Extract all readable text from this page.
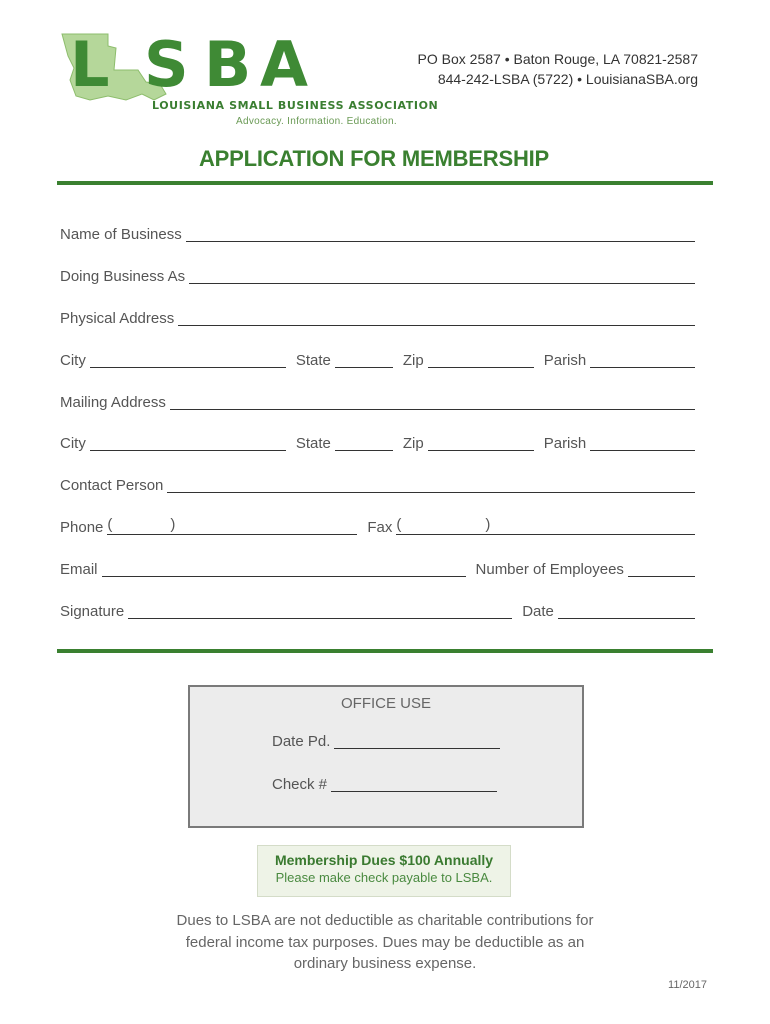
L S B A
LOUISIANA SMALL BUSINESS ASSOCIATION
Advocacy. Information. Education.
PO Box 2587 • Baton Rouge, LA 70821-2587
844-242-LSBA (5722) • LouisianaSBA.org
APPLICATION FOR MEMBERSHIP
Name of Business
Doing Business As
Physical Address
City	State	Zip	Parish
Mailing Address
City	State	Zip	Parish
Contact Person
Phone (	)	Fax (	)
Email	Number of Employees
Signature	Date
OFFICE USE
Date Pd.
Check #
Membership Dues $100 Annually
Please make check payable to LSBA.
Dues to LSBA are not deductible as charitable contributions for
federal income tax purposes. Dues may be deductible as an
ordinary business expense.
11/2017
